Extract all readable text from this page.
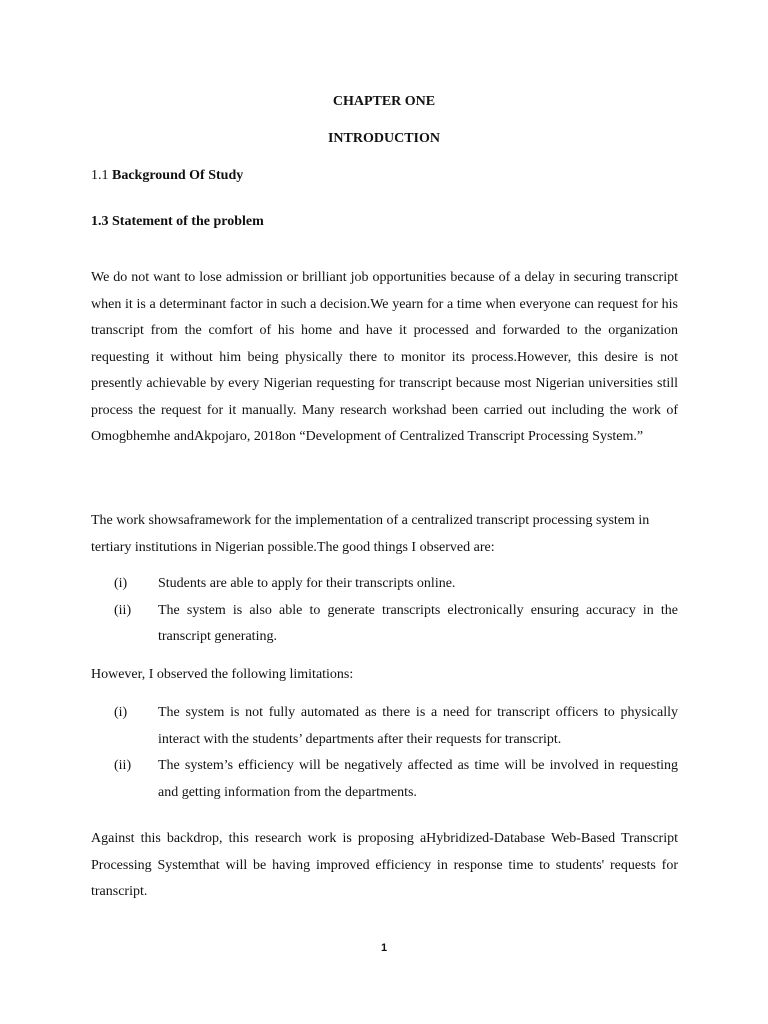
CHAPTER ONE
INTRODUCTION
1.1 Background Of Study
1.3 Statement of the problem

We do not want to lose admission or brilliant job opportunities because of a delay in securing transcript when it is a determinant factor in such a decision.We yearn for a time when everyone can request for his transcript from the comfort of his home and have it processed and forwarded to the organization requesting it without him being physically there to monitor its process.However, this desire is not presently achievable by every Nigerian requesting for transcript because most Nigerian universities still process the request for it manually. Many research workshad been carried out including the work of Omogbhemhe andAkpojaro, 2018on “Development of Centralized Transcript Processing System.”

The work showsaframework for the implementation of a centralized transcript processing system in tertiary institutions in Nigerian possible.The good things I observed are:

(i) Students are able to apply for their transcripts online.
(ii) The system is also able to generate transcripts electronically ensuring accuracy in the transcript generating.

However, I observed the following limitations:

(i) The system is not fully automated as there is a need for transcript officers to physically interact with the students’ departments after their requests for transcript.
(ii) The system’s efficiency will be negatively affected as time will be involved in requesting and getting information from the departments.

Against this backdrop, this research work is proposing aHybridized-Database Web-Based Transcript Processing Systemthat will be having improved efficiency in response time to students' requests for transcript.

1
